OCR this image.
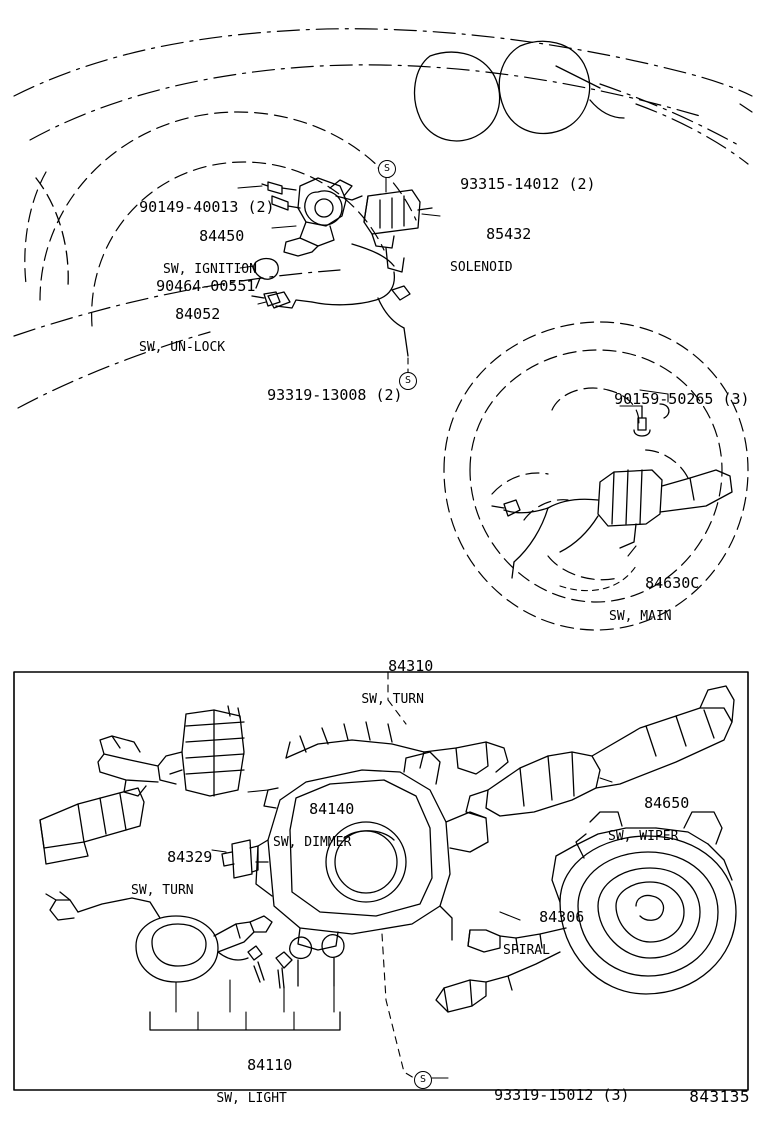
90149-40013 (2)

84450

SW, IGNITION

90464-00551

84052

SW, UN-LOCK

93319-13008 (2)

93315-14012 (2)

85432

SOLENOID

90159-50265 (3)

84630C

SW, MAIN

S
S

84310

SW, TURN

84140

SW, DIMMER

84650

SW, WIPER

84329

SW, TURN

84306

SPIRAL

84110

SW, LIGHT

	93319-15012 (3)

S
843135
